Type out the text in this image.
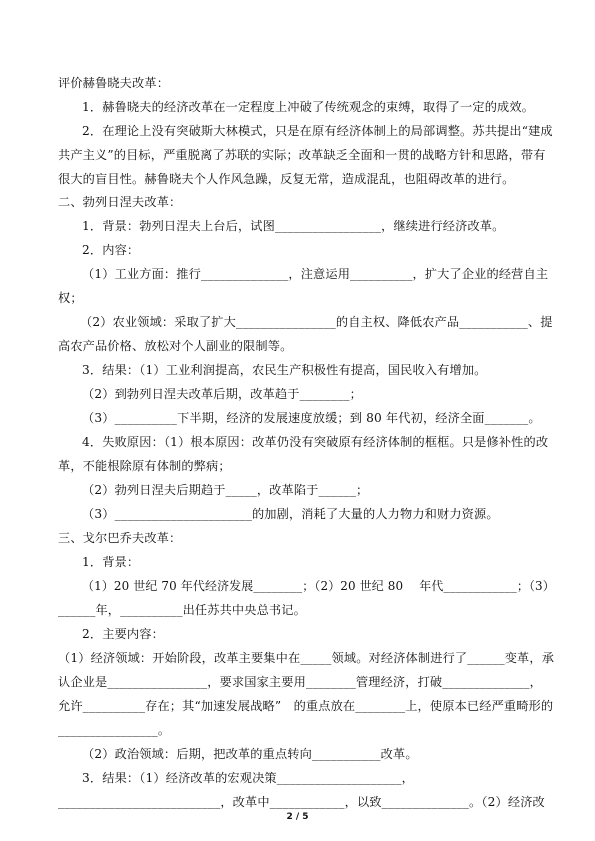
评价赫鲁晓夫改革：
1．赫鲁晓夫的经济改革在一定程度上冲破了传统观念的束缚，取得了一定的成效。
2．在理论上没有突破斯大林模式，只是在原有经济体制上的局部调整。苏共提出“建成
共产主义”的目标，严重脱离了苏联的实际；改革缺乏全面和一贯的战略方针和思路，带有
很大的盲目性。赫鲁晓夫个人作风急躁，反复无常，造成混乱，也阻碍改革的进行。
二、勃列日涅夫改革：
1．背景：勃列日涅夫上台后，试图_________________，继续进行经济改革。
2．内容：
（1）工业方面：推行______________，注意运用__________，扩大了企业的经营自主
权；
（2）农业领域：采取了扩大________________的自主权、降低农产品___________、提
高农产品价格、放松对个人副业的限制等。
3．结果：（1）工业利润提高，农民生产积极性有提高，国民收入有增加。
（2）到勃列日涅夫改革后期，改革趋于________；
（3）__________下半期，经济的发展速度放缓；到 80 年代初，经济全面_______。
4．失败原因：（1）根本原因：改革仍没有突破原有经济体制的框框。只是修补性的改
革，不能根除原有体制的弊病；
（2）勃列日涅夫后期趋于_____，改革陷于______；
（3）______________________的加剧，消耗了大量的人力物力和财力资源。
三、戈尔巴乔夫改革：
1．背景：
（1）20 世纪 70 年代经济发展________；（2）20 世纪 80　 年代____________；（3）
______年，__________出任苏共中央总书记。
2．主要内容：
（1）经济领域：开始阶段，改革主要集中在_____领域。对经济体制进行了______变革，承
认企业是________________，要求国家主要用________管理经济，打破______________，
允许__________存在；其“加速发展战略”　的重点放在________上，使原本已经严重畸形的
________________。
（2）政治领域：后期，把改革的重点转向___________改革。
3．结果：（1）经济改革的宏观决策____________________，
__________________________，改革中____________，以致______________。（2）经济改
2 / 5
